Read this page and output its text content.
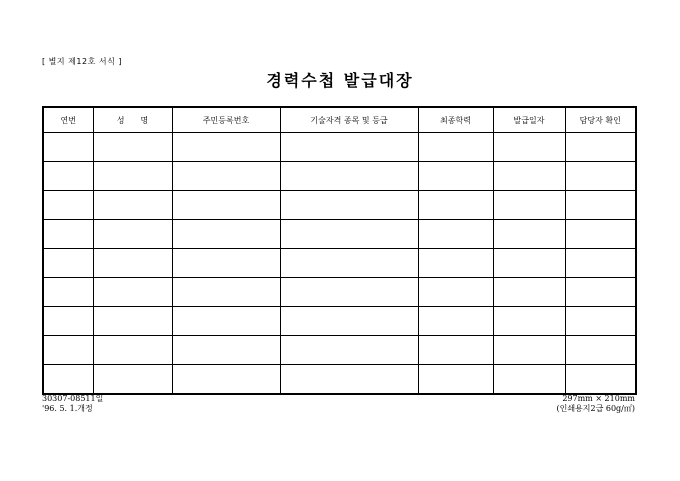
[ 별지 제12호 서식 ]
경력수첩 발급대장
연번	성　　명	주민등록번호	기술자격 종목 및 등급	최종학력	발급일자	담당자 확인

30307-08511일
'96. 5. 1.개정
297mm × 210mm
(인쇄용지2급 60g/㎡)
